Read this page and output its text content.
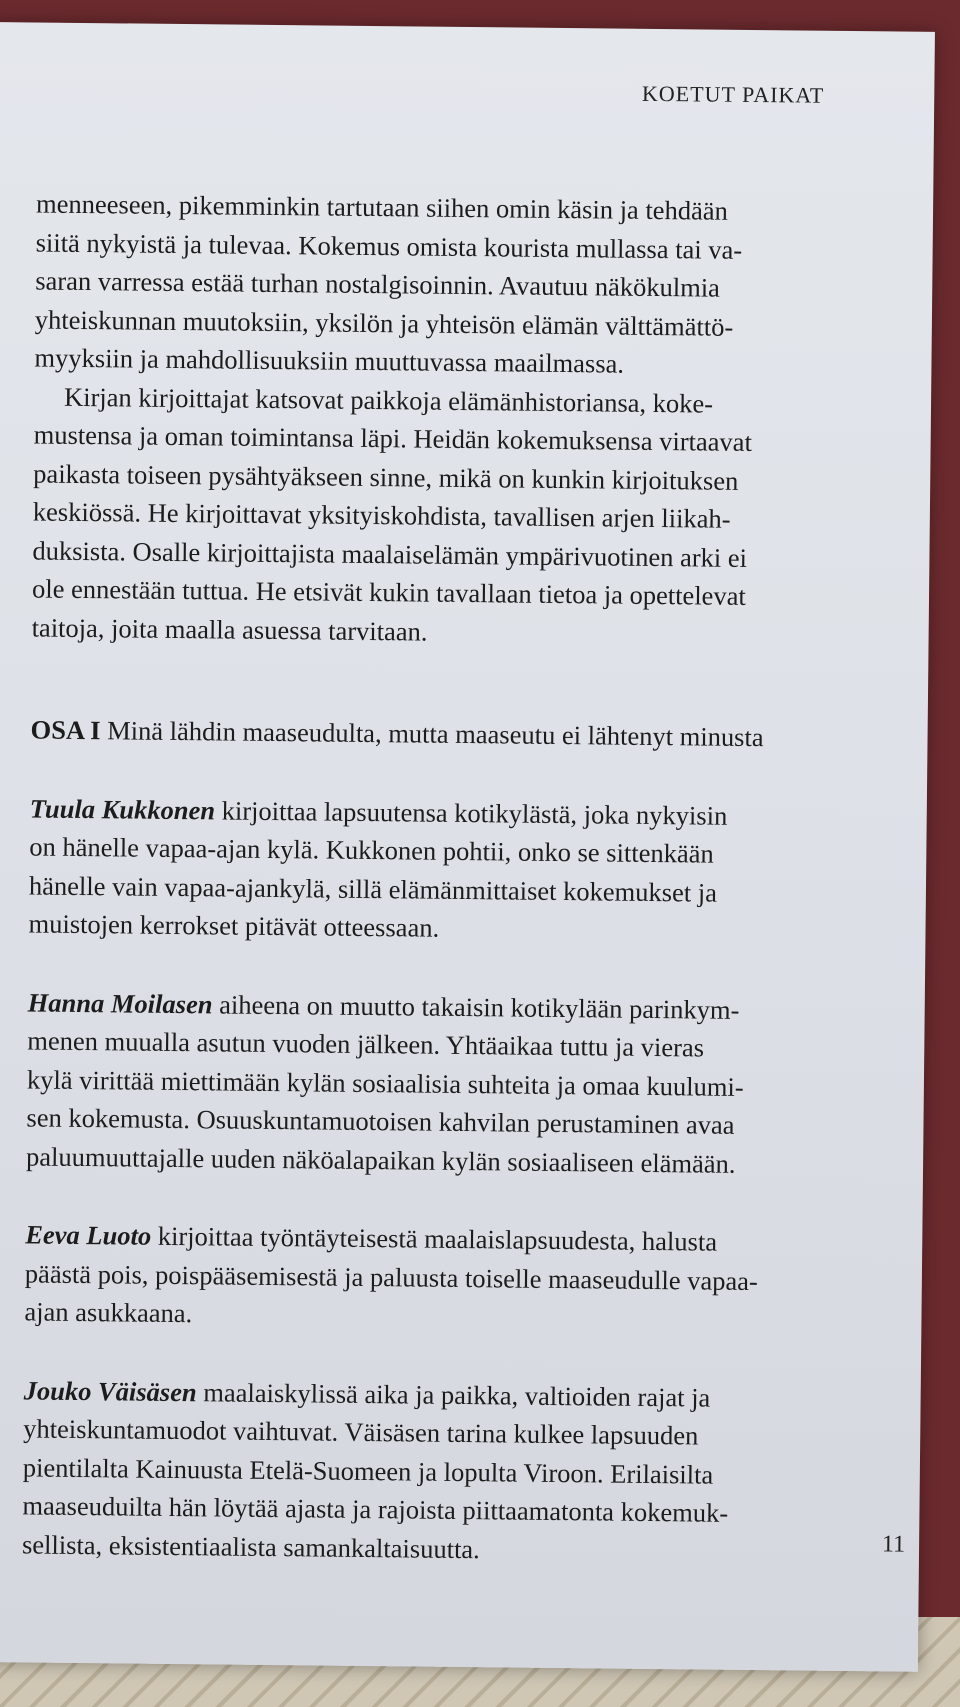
KOETUT PAIKAT
menneeseen, pikemminkin tartutaan siihen omin käsin ja tehdään
siitä nykyistä ja tulevaa. Kokemus omista kourista mullassa tai va-
saran varressa estää turhan nostalgisoinnin. Avautuu näkökulmia
yhteiskunnan muutoksiin, yksilön ja yhteisön elämän välttämättö-
myyksiin ja mahdollisuuksiin muuttuvassa maailmassa.
Kirjan kirjoittajat katsovat paikkoja elämänhistoriansa, koke-
mustensa ja oman toimintansa läpi. Heidän kokemuksensa virtaavat
paikasta toiseen pysähtyäkseen sinne, mikä on kunkin kirjoituksen
keskiössä. He kirjoittavat yksityiskohdista, tavallisen arjen liikah-
duksista. Osalle kirjoittajista maalaiselämän ympärivuotinen arki ei
ole ennestään tuttua. He etsivät kukin tavallaan tietoa ja opettelevat
taitoja, joita maalla asuessa tarvitaan.
OSA I Minä lähdin maaseudulta, mutta maaseutu ei lähtenyt minusta
Tuula Kukkonen kirjoittaa lapsuutensa kotikylästä, joka nykyisin
on hänelle vapaa-ajan kylä. Kukkonen pohtii, onko se sittenkään
hänelle vain vapaa-ajankylä, sillä elämänmittaiset kokemukset ja
muistojen kerrokset pitävät otteessaan.
Hanna Moilasen aiheena on muutto takaisin kotikylään parinkym-
menen muualla asutun vuoden jälkeen. Yhtäaikaa tuttu ja vieras
kylä virittää miettimään kylän sosiaalisia suhteita ja omaa kuulumi-
sen kokemusta. Osuuskuntamuotoisen kahvilan perustaminen avaa
paluumuuttajalle uuden näköalapaikan kylän sosiaaliseen elämään.
Eeva Luoto kirjoittaa työntäyteisestä maalaislapsuudesta, halusta
päästä pois, poispääsemisestä ja paluusta toiselle maaseudulle vapaa-
ajan asukkaana.
Jouko Väisäsen maalaiskylissä aika ja paikka, valtioiden rajat ja
yhteiskuntamuodot vaihtuvat. Väisäsen tarina kulkee lapsuuden
pientilalta Kainuusta Etelä-Suomeen ja lopulta Viroon. Erilaisilta
maaseuduilta hän löytää ajasta ja rajoista piittaamatonta kokemuk-
sellista, eksistentiaalista samankaltaisuutta.	11
